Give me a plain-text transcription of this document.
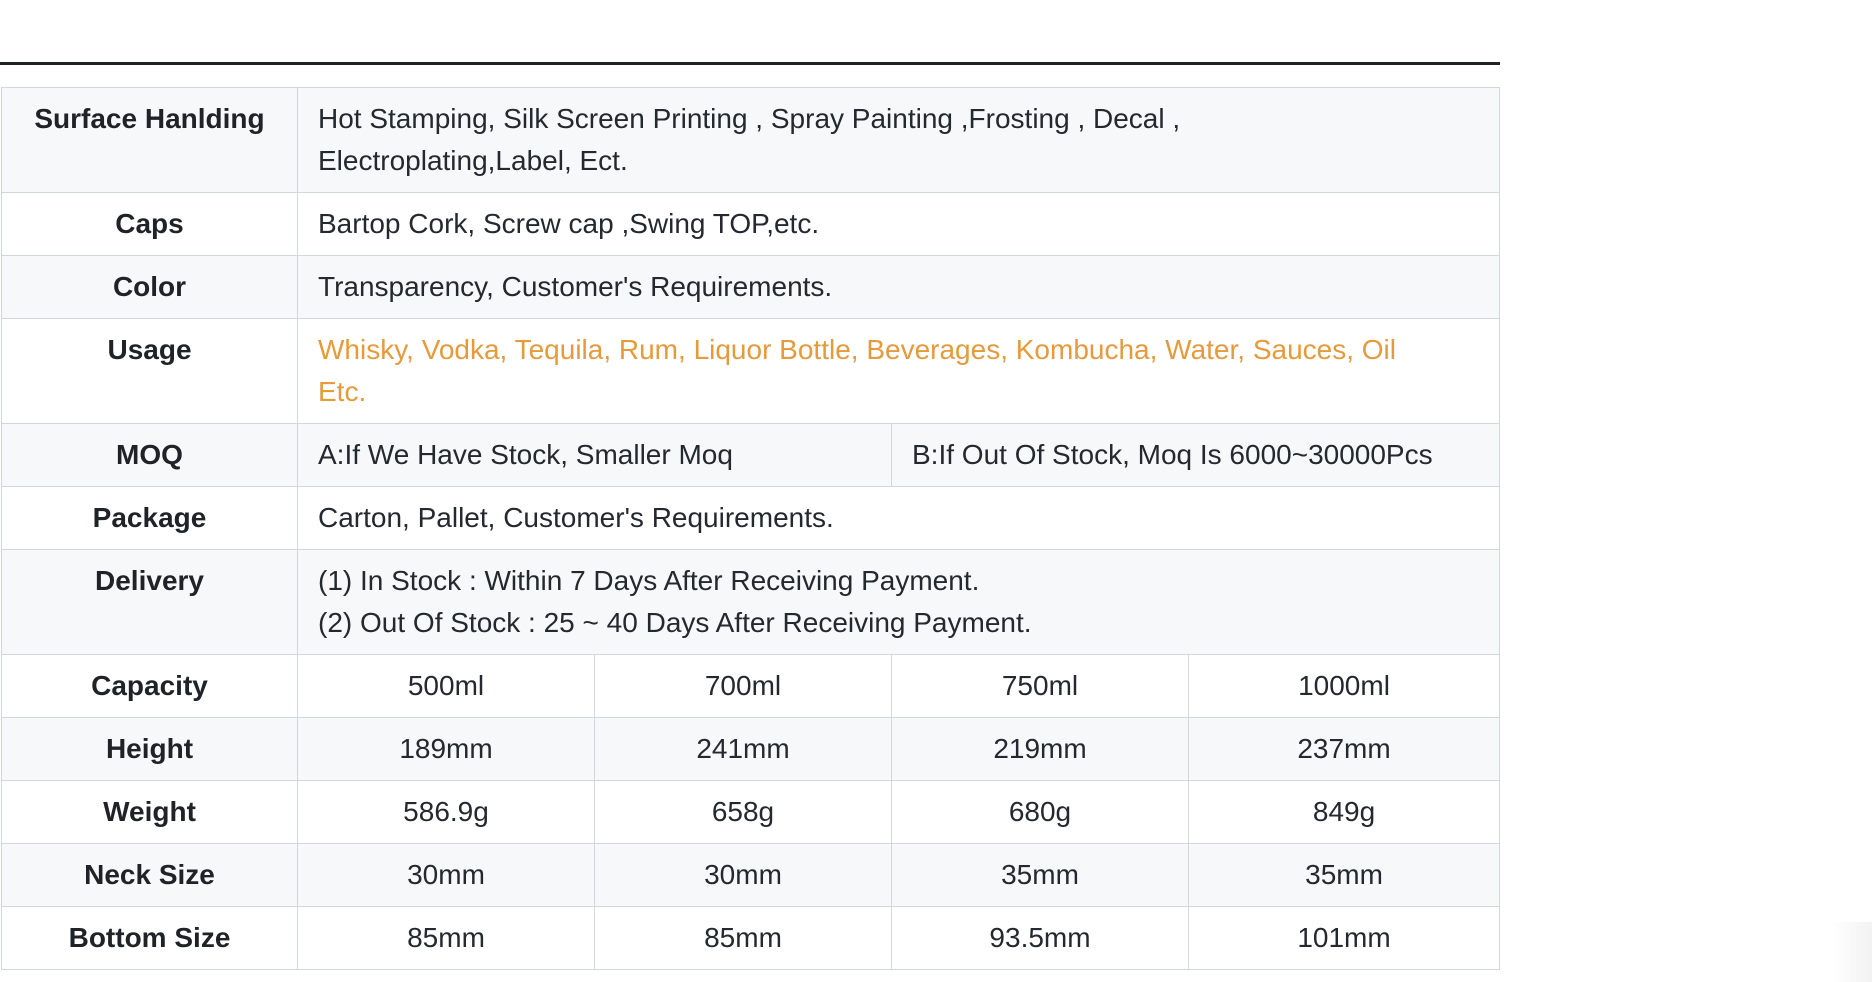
Surface Hanlding	Hot Stamping, Silk Screen Printing , Spray Painting ,Frosting , Decal ,
Electroplating,Label, Ect.			

Caps	Bartop Cork, Screw cap ,Swing TOP,etc.			
Color	Transparency, Customer's Requirements.			
Usage	Whisky, Vodka, Tequila, Rum, Liquor Bottle, Beverages, Kombucha, Water, Sauces, Oil
Etc.			

MOQ	A:If We Have Stock, Smaller Moq		B:If Out Of Stock, Moq Is 6000~30000Pcs	
Package	Carton, Pallet, Customer's Requirements.			
Delivery	(1) In Stock : Within 7 Days After Receiving Payment.
(2) Out Of Stock : 25 ~ 40 Days After Receiving Payment.			

Capacity	500ml	700ml	750ml	1000ml
Height	189mm	241mm	219mm	237mm
Weight	586.9g	658g	680g	849g
Neck Size	30mm	30mm	35mm	35mm
Bottom Size	85mm	85mm	93.5mm	101mm
